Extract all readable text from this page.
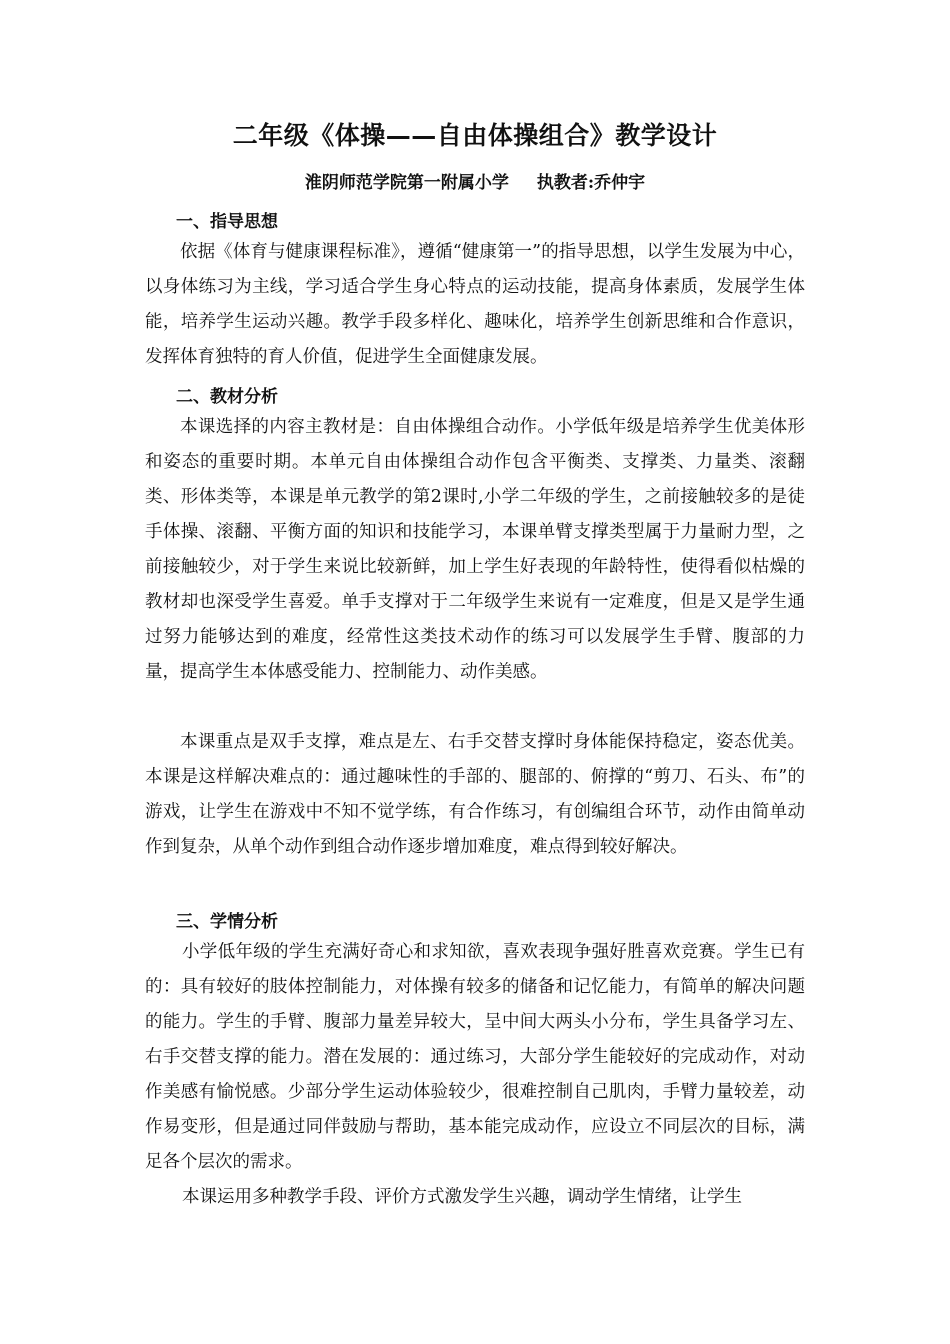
二年级《体操——自由体操组合》教学设计
淮阴师范学院第一附属小学 执教者:乔仲宇
一、指导思想
依据《体育与健康课程标准》，遵循“健康第一”的指导思想，以学生发展为中心，以身体练习为主线，学习适合学生身心特点的运动技能，提高身体素质，发展学生体能，培养学生运动兴趣。教学手段多样化、趣味化，培养学生创新思维和合作意识，发挥体育独特的育人价值，促进学生全面健康发展。
二、教材分析
本课选择的内容主教材是：自由体操组合动作。小学低年级是培养学生优美体形和姿态的重要时期。本单元自由体操组合动作包含平衡类、支撑类、力量类、滚翻类、形体类等，本课是单元教学的第2课时,小学二年级的学生，之前接触较多的是徒手体操、滚翻、平衡方面的知识和技能学习，本课单臂支撑类型属于力量耐力型，之前接触较少，对于学生来说比较新鲜，加上学生好表现的年龄特性，使得看似枯燥的教材却也深受学生喜爱。单手支撑对于二年级学生来说有一定难度，但是又是学生通过努力能够达到的难度，经常性这类技术动作的练习可以发展学生手臂、腹部的力量，提高学生本体感受能力、控制能力、动作美感。
本课重点是双手支撑，难点是左、右手交替支撑时身体能保持稳定，姿态优美。本课是这样解决难点的：通过趣味性的手部的、腿部的、俯撑的“剪刀、石头、布”的游戏，让学生在游戏中不知不觉学练，有合作练习，有创编组合环节，动作由简单动作到复杂，从单个动作到组合动作逐步增加难度，难点得到较好解决。
三、学情分析
小学低年级的学生充满好奇心和求知欲，喜欢表现争强好胜喜欢竞赛。学生已有的：具有较好的肢体控制能力，对体操有较多的储备和记忆能力，有简单的解决问题的能力。学生的手臂、腹部力量差异较大，呈中间大两头小分布，学生具备学习左、右手交替支撑的能力。潜在发展的：通过练习，大部分学生能较好的完成动作，对动作美感有愉悦感。少部分学生运动体验较少，很难控制自己肌肉，手臂力量较差，动作易变形，但是通过同伴鼓励与帮助，基本能完成动作，应设立不同层次的目标，满足各个层次的需求。
本课运用多种教学手段、评价方式激发学生兴趣，调动学生情绪，让学生
